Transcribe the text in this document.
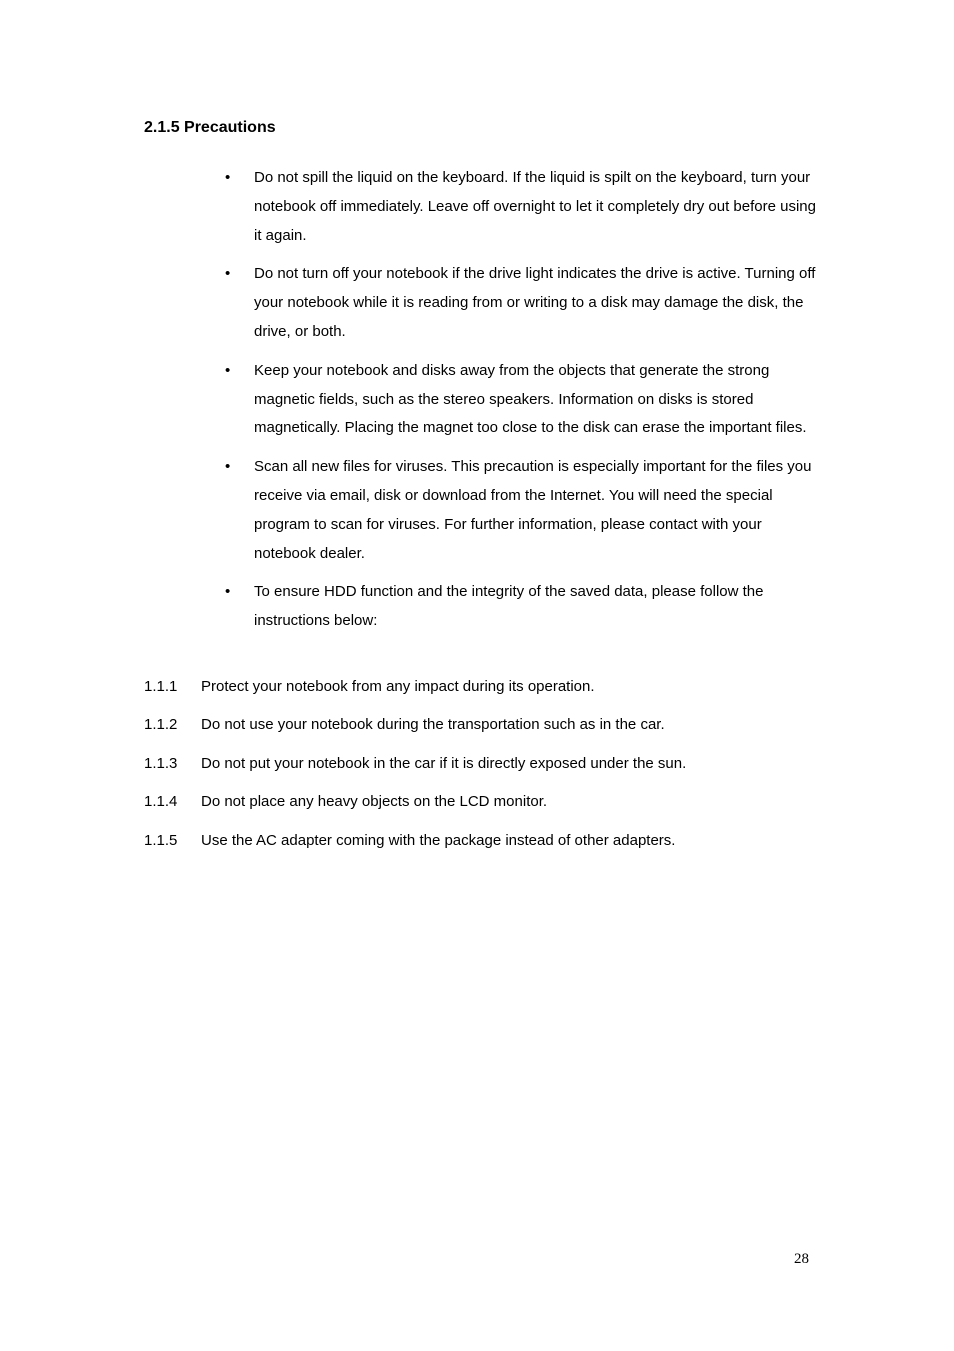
2.1.5 Precautions
• Do not spill the liquid on the keyboard. If the liquid is spilt on the keyboard, turn your notebook off immediately. Leave off overnight to let it completely dry out before using it again.
• Do not turn off your notebook if the drive light indicates the drive is active. Turning off your notebook while it is reading from or writing to a disk may damage the disk, the drive, or both.
• Keep your notebook and disks away from the objects that generate the strong magnetic fields, such as the stereo speakers. Information on disks is stored magnetically. Placing the magnet too close to the disk can erase the important files.
• Scan all new files for viruses. This precaution is especially important for the files you receive via email, disk or download from the Internet. You will need the special program to scan for viruses. For further information, please contact with your notebook dealer.
• To ensure HDD function and the integrity of the saved data, please follow the instructions below:
1.1.1 Protect your notebook from any impact during its operation.
1.1.2 Do not use your notebook during the transportation such as in the car.
1.1.3 Do not put your notebook in the car if it is directly exposed under the sun.
1.1.4 Do not place any heavy objects on the LCD monitor.
1.1.5 Use the AC adapter coming with the package instead of other adapters.
28
